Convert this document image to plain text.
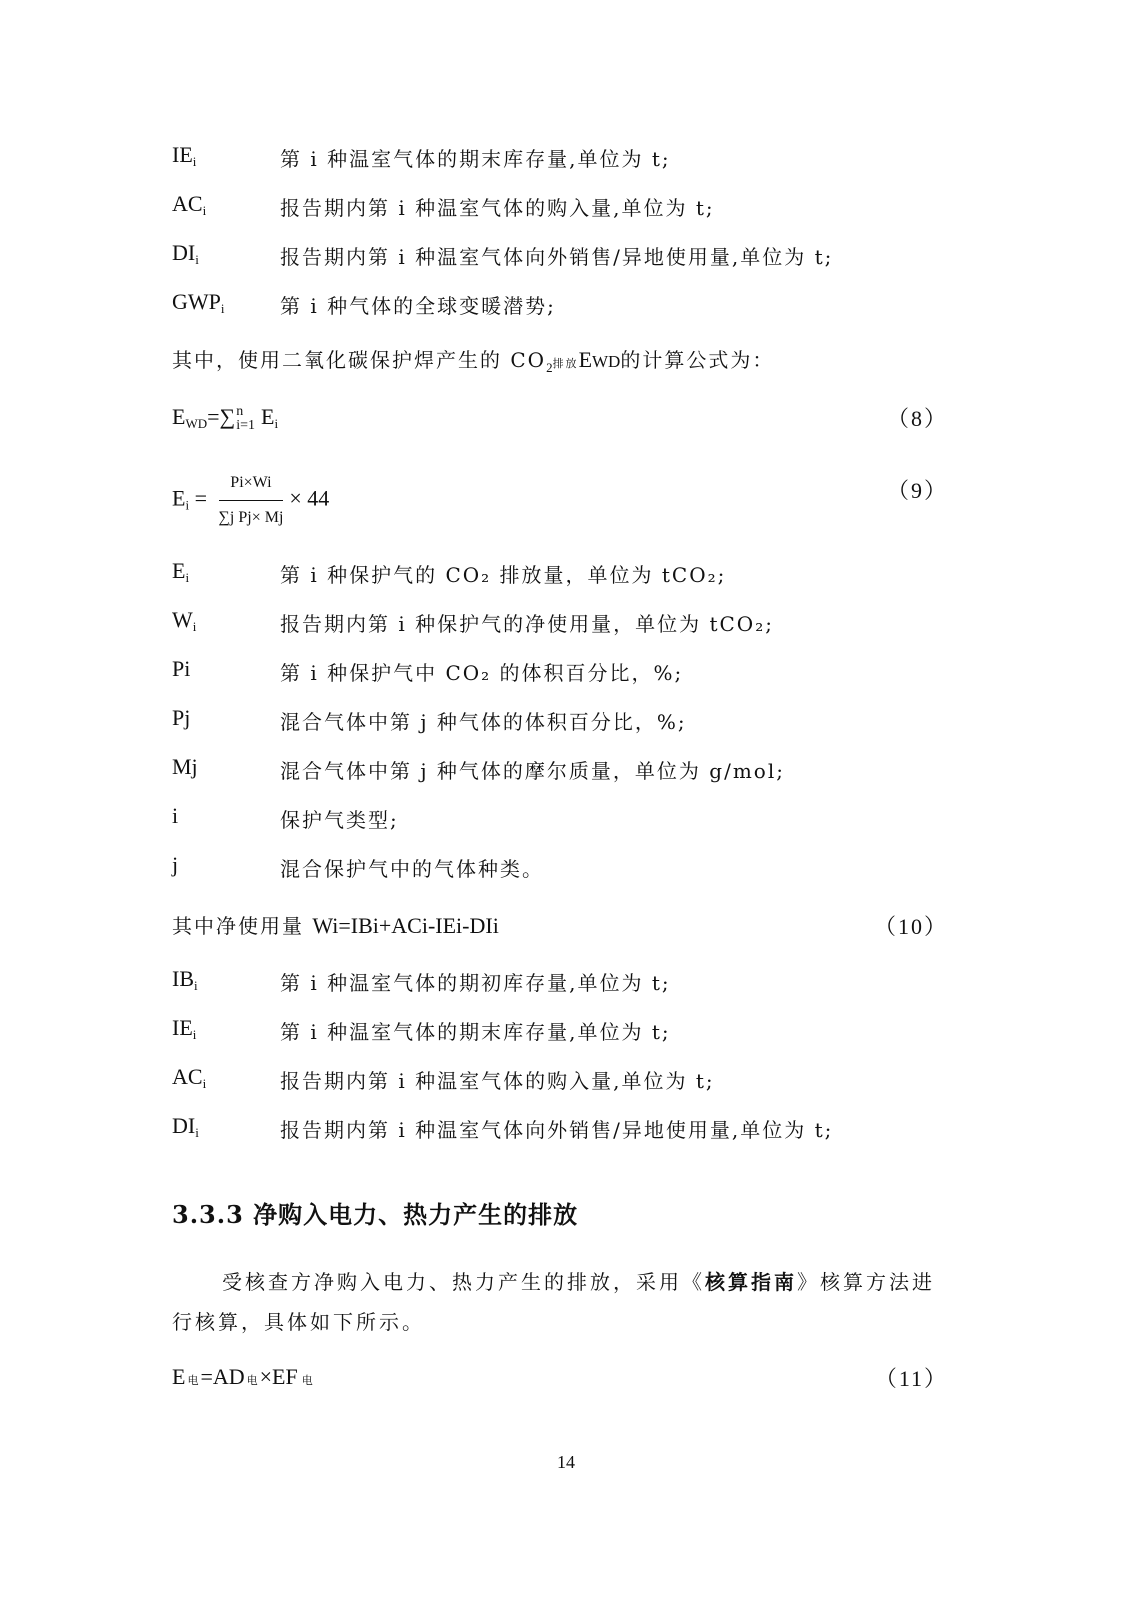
$IE_i$	第 i 种温室气体的期末库存量,单位为 t;
$AC_i$	报告期内第 i 种温室气体的购入量,单位为 t;
$DI_i$	报告期内第 i 种温室气体向外销售/异地使用量,单位为 t;
$GWP_i$	第 i 种气体的全球变暖潜势;
其中，使用二氧化碳保护焊产生的 $CO_2$排放EWD的计算公式为：
$E_{WD}=\sum$ n
i=1 $E_i$	（8）
$E_i = \frac{Pi\times Wi}{\text{∑j Pj× Mj}} \times 44$	（9）
$E_i$	第 i 种保护气的 CO₂ 排放量，单位为 tCO₂;
$W_i$	报告期内第 i 种保护气的净使用量，单位为 tCO₂;
Pi	第 i 种保护气中 CO₂ 的体积百分比，%;
Pj	混合气体中第 j 种气体的体积百分比，%;
Mj	混合气体中第 j 种气体的摩尔质量，单位为 g/mol;
i	保护气类型;
j	混合保护气中的气体种类。
其中净使用量 Wi=IBi+ACi-IEi-DIi	（10）
$IB_i$	第 i 种温室气体的期初库存量,单位为 t;
$IE_i$	第 i 种温室气体的期末库存量,单位为 t;
$AC_i$	报告期内第 i 种温室气体的购入量,单位为 t;
$DI_i$	报告期内第 i 种温室气体向外销售/异地使用量,单位为 t;
3.3.3 净购入电力、热力产生的排放
受核查方净购入电力、热力产生的排放，采用《核算指南》核算方法进行核算，具体如下所示。
E电=AD 电×EF 电	（11）
14
